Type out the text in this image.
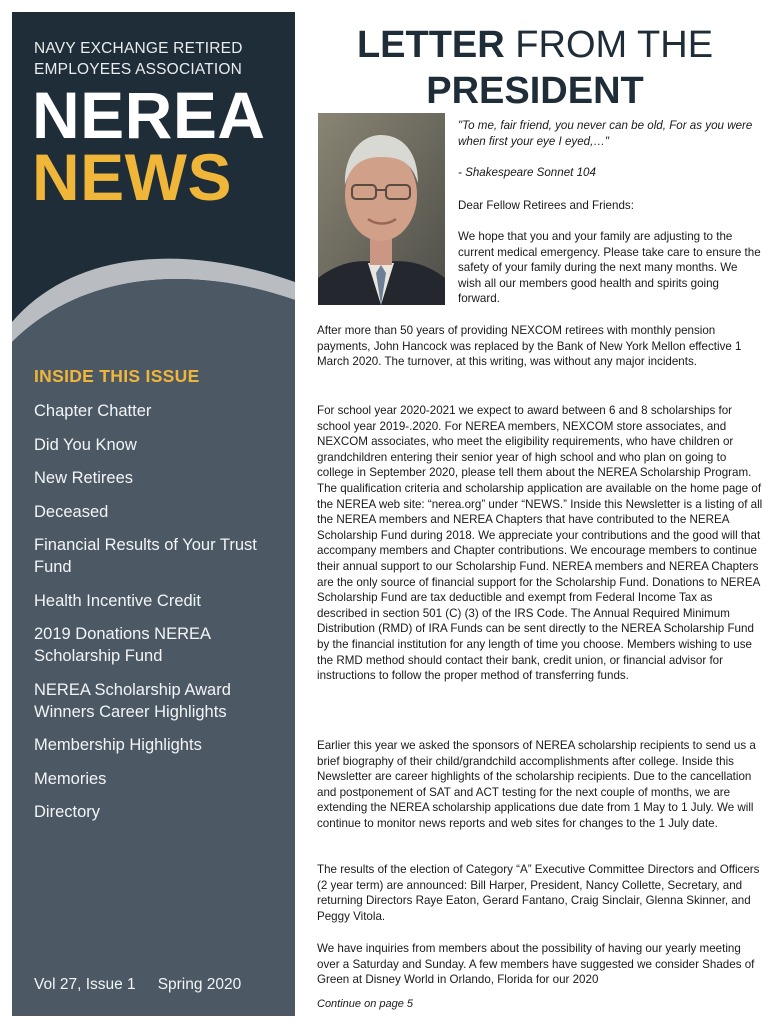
NAVY EXCHANGE RETIRED EMPLOYEES ASSOCIATION
NEREA
NEWS
INSIDE THIS ISSUE
Chapter Chatter
Did You Know
New Retirees
Deceased
Financial Results of Your Trust Fund
Health Incentive Credit
2019 Donations NEREA Scholarship Fund
NEREA Scholarship Award Winners Career Highlights
Membership Highlights
Memories
Directory
Vol 27, Issue 1 Spring 2020
LETTER FROM THE
PRESIDENT
"To me, fair friend, you never can be old, For as you were when first your eye I eyed,…"
- Shakespeare Sonnet 104
Dear Fellow Retirees and Friends:
We hope that you and your family are adjusting to the current medical emergency. Please take care to ensure the safety of your family during the next many months. We wish all our members good health and spirits going forward.
After more than 50 years of providing NEXCOM retirees with monthly pension payments, John Hancock was replaced by the Bank of New York Mellon effective 1 March 2020. The turnover, at this writing, was without any major incidents.
For school year 2020-2021 we expect to award between 6 and 8 scholarships for school year 2019-.2020. For NEREA members, NEXCOM store associates, and NEXCOM associates, who meet the eligibility requirements, who have children or grandchildren entering their senior year of high school and who plan on going to college in September 2020, please tell them about the NEREA Scholarship Program. The qualification criteria and scholarship application are available on the home page of the NEREA web site: “nerea.org” under “NEWS.” Inside this Newsletter is a listing of all the NEREA members and NEREA Chapters that have contributed to the NEREA Scholarship Fund during 2018. We appreciate your contributions and the good will that accompany members and Chapter contributions. We encourage members to continue their annual support to our Scholarship Fund. NEREA members and NEREA Chapters are the only source of financial support for the Scholarship Fund. Donations to NEREA Scholarship Fund are tax deductible and exempt from Federal Income Tax as described in section 501 (C) (3) of the IRS Code. The Annual Required Minimum Distribution (RMD) of IRA Funds can be sent directly to the NEREA Scholarship Fund by the financial institution for any length of time you choose. Members wishing to use the RMD method should contact their bank, credit union, or financial advisor for instructions to follow the proper method of transferring funds.
Earlier this year we asked the sponsors of NEREA scholarship recipients to send us a brief biography of their child/grandchild accomplishments after college. Inside this Newsletter are career highlights of the scholarship recipients. Due to the cancellation and postponement of SAT and ACT testing for the next couple of months, we are extending the NEREA scholarship applications due date from 1 May to 1 July. We will continue to monitor news reports and web sites for changes to the 1 July date.
The results of the election of Category “A” Executive Committee Directors and Officers (2 year term) are announced: Bill Harper, President, Nancy Collette, Secretary, and returning Directors Raye Eaton, Gerard Fantano, Craig Sinclair, Glenna Skinner, and Peggy Vitola.
We have inquiries from members about the possibility of having our yearly meeting over a Saturday and Sunday. A few members have suggested we consider Shades of Green at Disney World in Orlando, Florida for our 2020
Continue on page 5
